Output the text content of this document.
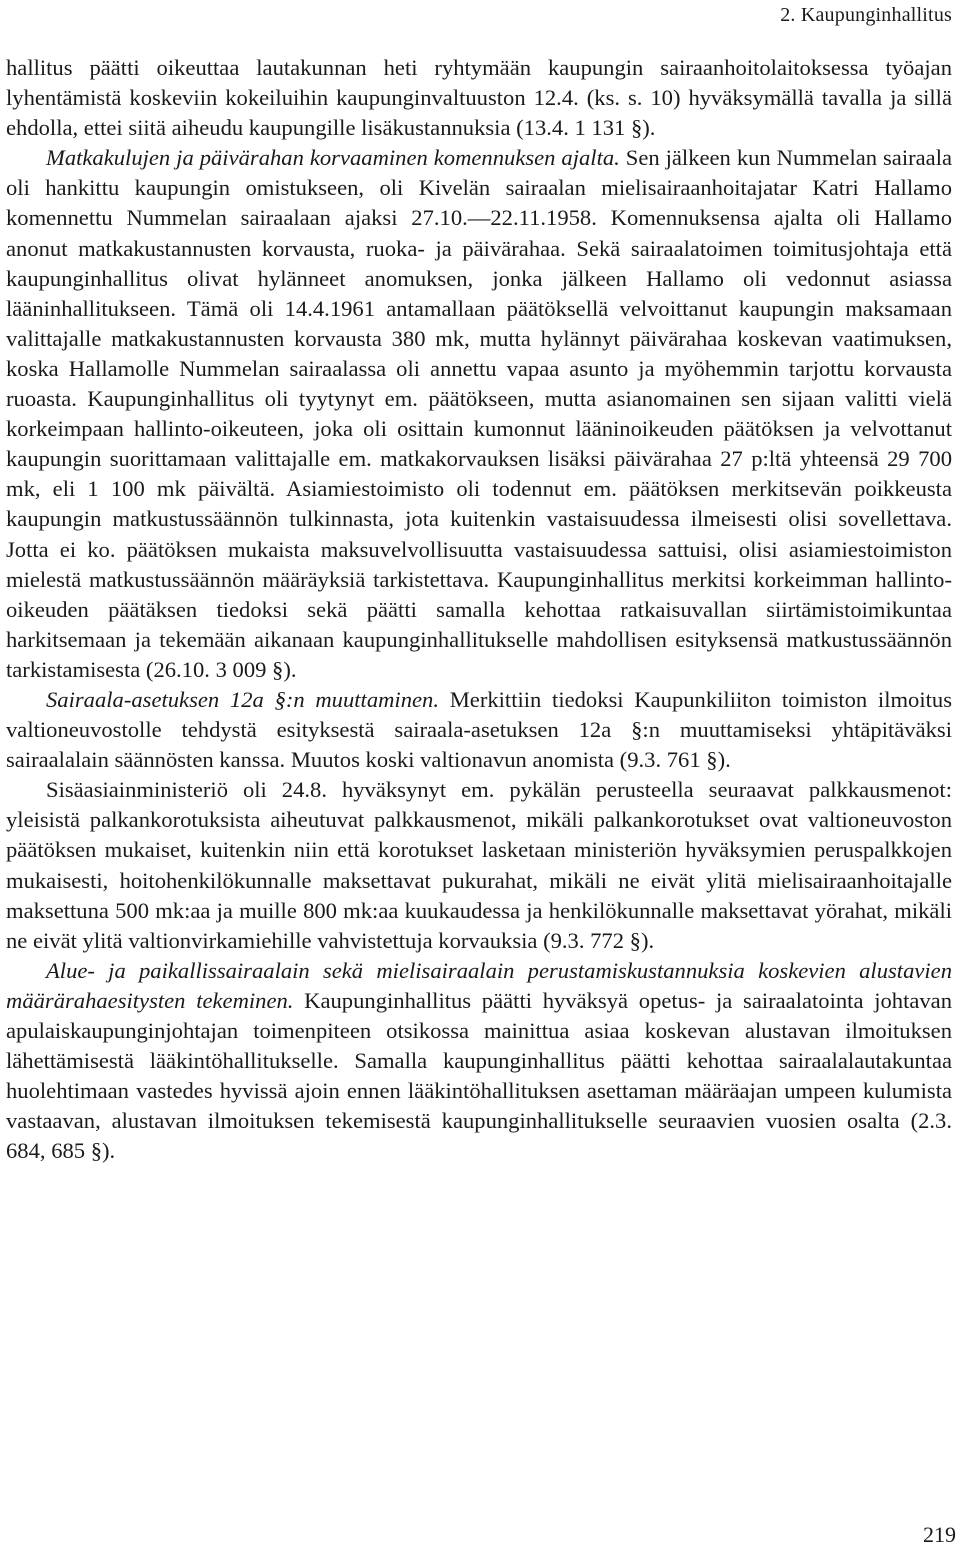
2. Kaupunginhallitus

hallitus päätti oikeuttaa lautakunnan heti ryhtymään kaupungin sairaanhoitolaitoksessa työajan lyhentämistä koskeviin kokeiluihin kaupunginvaltuuston 12.4. (ks. s. 10) hyväksymällä tavalla ja sillä ehdolla, ettei siitä aiheudu kaupungille lisäkustannuksia (13.4. 1 131 §).

Matkakulujen ja päivärahan korvaaminen komennuksen ajalta. Sen jälkeen kun Nummelan sairaala oli hankittu kaupungin omistukseen, oli Kivelän sairaalan mielisairaanhoitajatar Katri Hallamo komennettu Nummelan sairaalaan ajaksi 27.10.—22.11.1958. Komennuksensa ajalta oli Hallamo anonut matkakustannusten korvausta, ruoka- ja päivärahaa. Sekä sairaalatoimen toimitusjohtaja että kaupunginhallitus olivat hylänneet anomuksen, jonka jälkeen Hallamo oli vedonnut asiassa lääninhallitukseen. Tämä oli 14.4.1961 antamallaan päätöksellä velvoittanut kaupungin maksamaan valittajalle matkakustannusten korvausta 380 mk, mutta hylännyt päivärahaa koskevan vaatimuksen, koska Hallamolle Nummelan sairaalassa oli annettu vapaa asunto ja myöhemmin tarjottu korvausta ruoasta. Kaupunginhallitus oli tyytynyt em. päätökseen, mutta asianomainen sen sijaan valitti vielä korkeimpaan hallinto-oikeuteen, joka oli osittain kumonnut lääninoikeuden päätöksen ja velvottanut kaupungin suorittamaan valittajalle em. matkakorvauksen lisäksi päivärahaa 27 p:ltä yhteensä 29 700 mk, eli 1 100 mk päivältä. Asiamiestoimisto oli todennut em. päätöksen merkitsevän poikkeusta kaupungin matkustussäännön tulkinnasta, jota kuitenkin vastaisuudessa ilmeisesti olisi sovellettava. Jotta ei ko. päätöksen mukaista maksuvelvollisuutta vastaisuudessa sattuisi, olisi asiamiestoimiston mielestä matkustussäännön määräyksiä tarkistettava. Kaupunginhallitus merkitsi korkeimman hallinto-oikeuden päätäksen tiedoksi sekä päätti samalla kehottaa ratkaisuvallan siirtämistoimikuntaa harkitsemaan ja tekemään aikanaan kaupunginhallitukselle mahdollisen esityksensä matkustussäännön tarkistamisesta (26.10. 3 009 §).

Sairaala-asetuksen 12a §:n muuttaminen. Merkittiin tiedoksi Kaupunkiliiton toimiston ilmoitus valtioneuvostolle tehdystä esityksestä sairaala-asetuksen 12a §:n muuttamiseksi yhtäpitäväksi sairaalalain säännösten kanssa. Muutos koski valtionavun anomista (9.3. 761 §).

Sisäasiainministeriö oli 24.8. hyväksynyt em. pykälän perusteella seuraavat palkkausmenot: yleisistä palkankorotuksista aiheutuvat palkkausmenot, mikäli palkankorotukset ovat valtioneuvoston päätöksen mukaiset, kuitenkin niin että korotukset lasketaan ministeriön hyväksymien peruspalkkojen mukaisesti, hoitohenkilökunnalle maksettavat pukurahat, mikäli ne eivät ylitä mielisairaanhoitajalle maksettuna 500 mk:aa ja muille 800 mk:aa kuukaudessa ja henkilökunnalle maksettavat yörahat, mikäli ne eivät ylitä valtionvirkamiehille vahvistettuja korvauksia (9.3. 772 §).

Alue- ja paikallissairaalain sekä mielisairaalain perustamiskustannuksia koskevien alustavien määrärahaesitysten tekeminen. Kaupunginhallitus päätti hyväksyä opetus- ja sairaalatointa johtavan apulaiskaupunginjohtajan toimenpiteen otsikossa mainittua asiaa koskevan alustavan ilmoituksen lähettämisestä lääkintöhallitukselle. Samalla kaupunginhallitus päätti kehottaa sairaalalautakuntaa huolehtimaan vastedes hyvissä ajoin ennen lääkintöhallituksen asettaman määräajan umpeen kulumista vastaavan, alustavan ilmoituksen tekemisestä kaupunginhallitukselle seuraavien vuosien osalta (2.3. 684, 685 §).

219
